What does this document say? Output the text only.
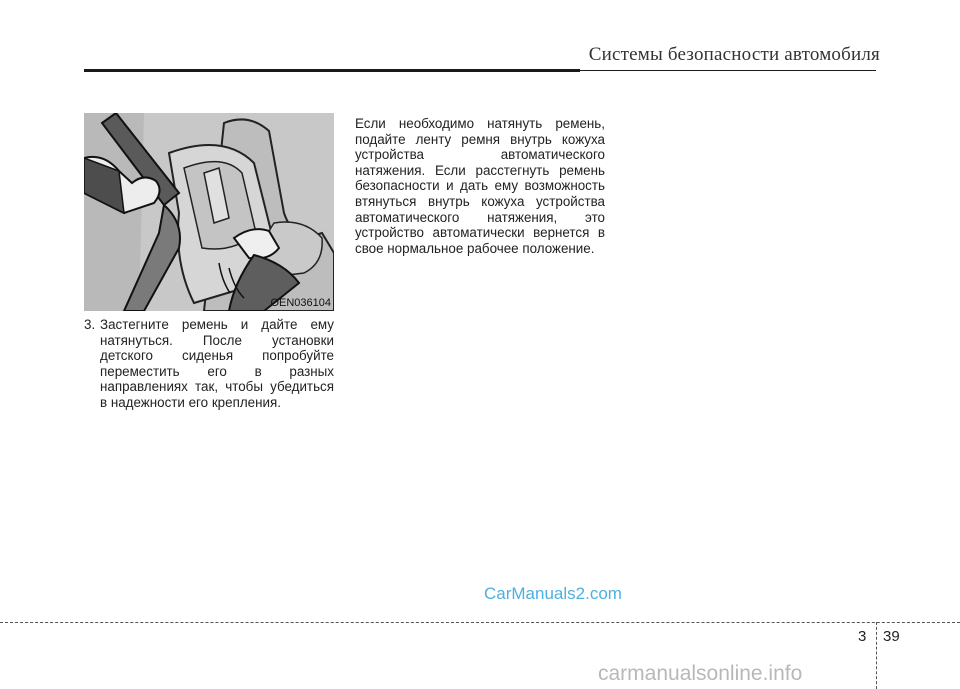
Системы безопасности автомобиля
OEN036104
3. Застегните ремень и дайте ему натянуться. После установки детского сиденья попробуйте переместить его в разных направлениях так, чтобы убедиться в надежности его крепления.
Если необходимо натянуть ремень, подайте ленту ремня внутрь кожуха устройства автоматического натяжения. Если расстегнуть ремень безопасности и дать ему возможность втянуться внутрь кожуха устройства автоматического натяжения, это устройство автоматически вернется в свое нормальное рабочее положение.
CarManuals2.com
3 39
carmanualsonline.info
